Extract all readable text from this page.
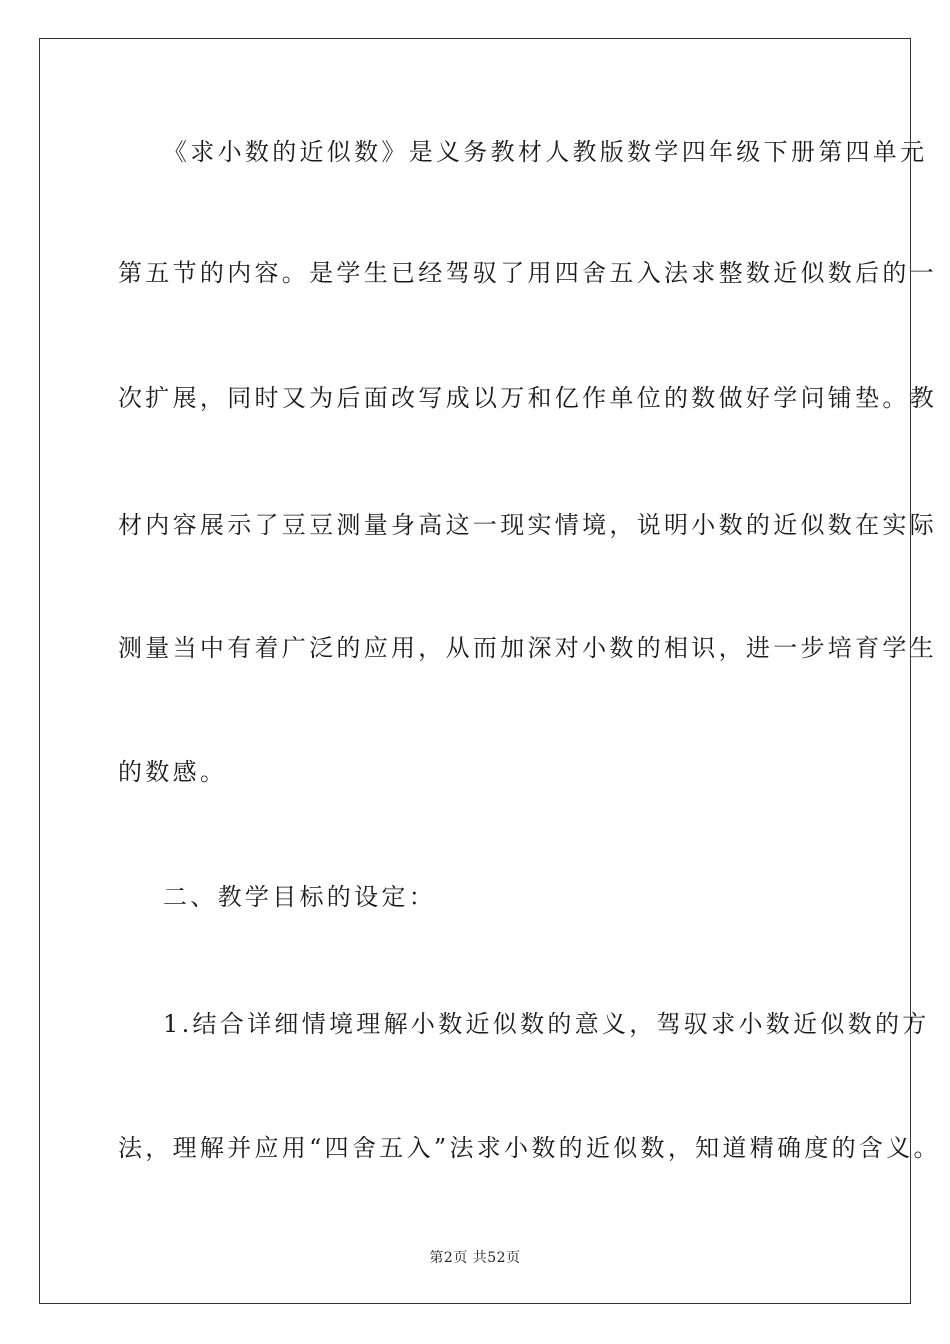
《求小数的近似数》是义务教材人教版数学四年级下册第四单元
第五节的内容。是学生已经驾驭了用四舍五入法求整数近似数后的一
次扩展，同时又为后面改写成以万和亿作单位的数做好学问铺垫。教
材内容展示了豆豆测量身高这一现实情境，说明小数的近似数在实际
测量当中有着广泛的应用，从而加深对小数的相识，进一步培育学生
的数感。
二、教学目标的设定：
1.结合详细情境理解小数近似数的意义，驾驭求小数近似数的方
法，理解并应用“四舍五入”法求小数的近似数，知道精确度的含义。
第2页 共52页
